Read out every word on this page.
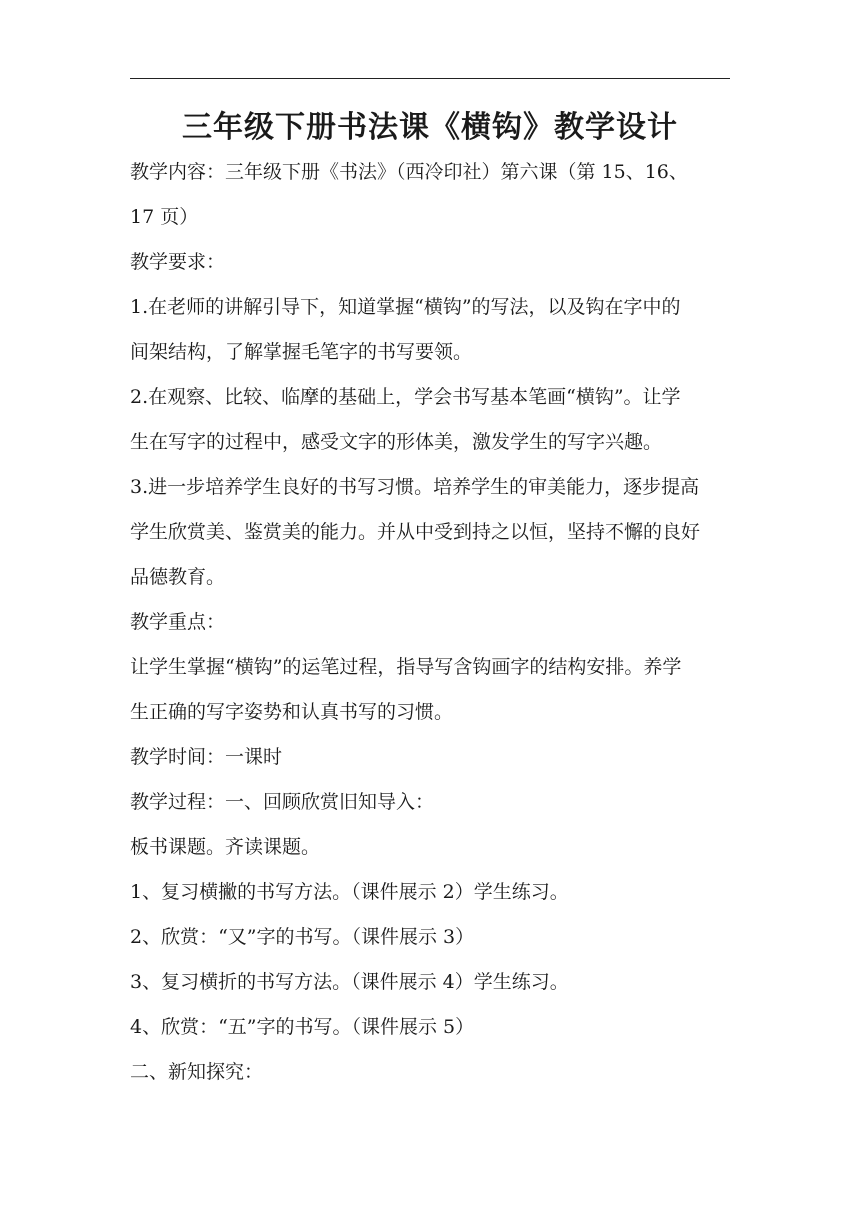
三年级下册书法课《横钩》教学设计

教学内容：三年级下册《书法》（西冷印社）第六课（第 15、16、

17 页）

教学要求：

1.在老师的讲解引导下，知道掌握“横钩”的写法，以及钩在字中的

间架结构，了解掌握毛笔字的书写要领。

2.在观察、比较、临摩的基础上，学会书写基本笔画“横钩”。让学

生在写字的过程中，感受文字的形体美，激发学生的写字兴趣。

3.进一步培养学生良好的书写习惯。培养学生的审美能力，逐步提高

学生欣赏美、鉴赏美的能力。并从中受到持之以恒，坚持不懈的良好

品德教育。

教学重点：

让学生掌握“横钩”的运笔过程，指导写含钩画字的结构安排。养学

生正确的写字姿势和认真书写的习惯。

教学时间：一课时

教学过程：一、回顾欣赏旧知导入：

板书课题。齐读课题。

1、复习横撇的书写方法。（课件展示 2）学生练习。

2、欣赏：“又”字的书写。（课件展示 3）

3、复习横折的书写方法。（课件展示 4）学生练习。

4、欣赏：“五”字的书写。（课件展示 5）

二、新知探究：
